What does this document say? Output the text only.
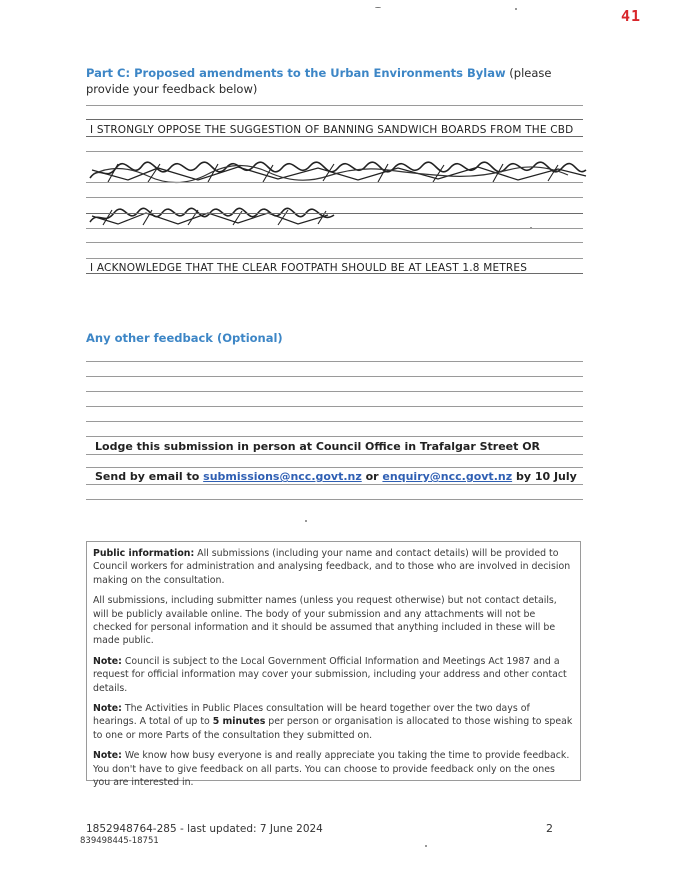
41
Part C: Proposed amendments to the Urban Environments Bylaw (please provide your feedback below)
I STRONGLY OPPOSE THE SUGGESTION OF BANNING SANDWICH BOARDS FROM THE CBD
I ACKNOWLEDGE THAT THE CLEAR FOOTPATH SHOULD BE AT LEAST 1.8 METRES
Any other feedback (Optional)
Lodge this submission in person at Council Office in Trafalgar Street OR
Send by email to submissions@ncc.govt.nz or enquiry@ncc.govt.nz by 10 July

Public information: All submissions (including your name and contact details) will be provided to Council workers for administration and analysing feedback, and to those who are involved in decision making on the consultation.

All submissions, including submitter names (unless you request otherwise) but not contact details, will be publicly available online. The body of your submission and any attachments will not be checked for personal information and it should be assumed that anything included in these will be made public.

Note: Council is subject to the Local Government Official Information and Meetings Act 1987 and a request for official information may cover your submission, including your address and other contact details.

Note: The Activities in Public Places consultation will be heard together over the two days of hearings. A total of up to 5 minutes per person or organisation is allocated to those wishing to speak to one or more Parts of the consultation they submitted on.

Note: We know how busy everyone is and really appreciate you taking the time to provide feedback. You don't have to give feedback on all parts. You can choose to provide feedback only on the ones you are interested in.

1852948764-285 - last updated: 7 June 2024
839498445-18751
2
